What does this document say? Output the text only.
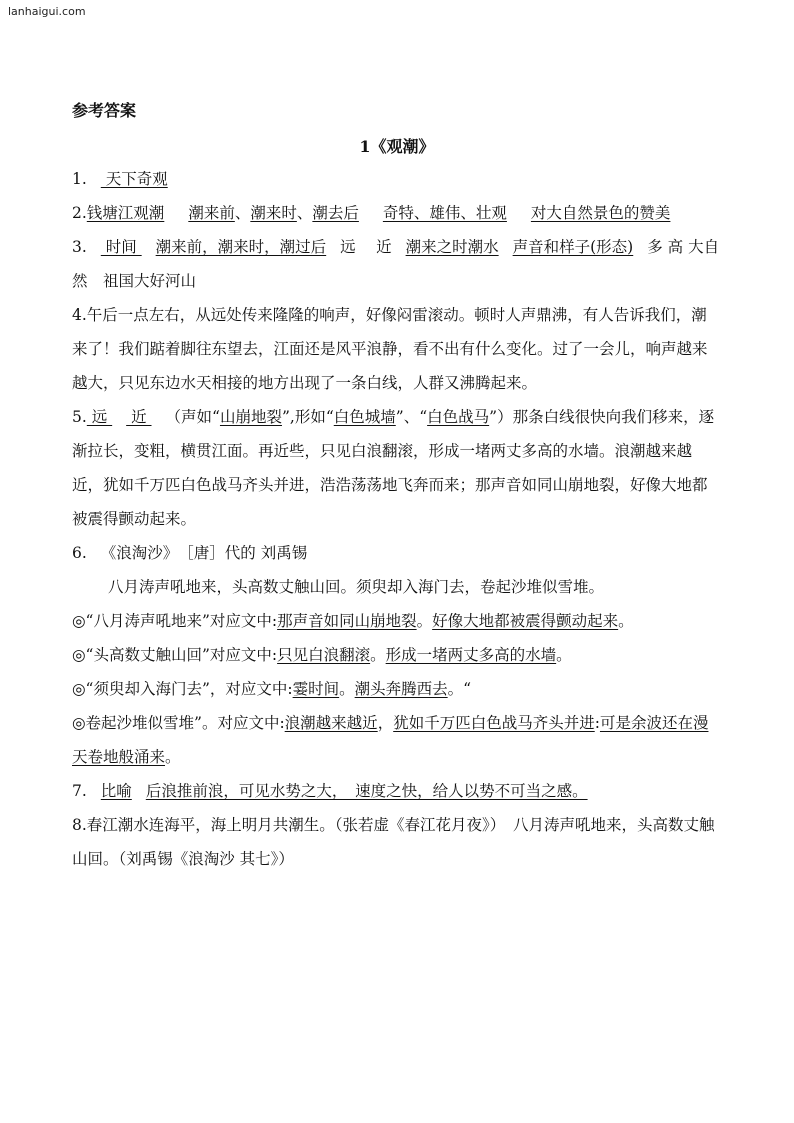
lanhaigui.com
参考答案
1《观潮》

1. 天下奇观

2.钱塘江观潮 潮来前、潮来时、潮去后 奇特、雄伟、壮观 对大自然景色的赞美

3. 时间 潮来前，潮来时，潮过后 远　 近 潮来之时潮水 声音和样子(形态) 多 高 大自然　祖国大好河山

4.午后一点左右，从远处传来隆隆的响声，好像闷雷滚动。顿时人声鼎沸，有人告诉我们，潮来了！我们踮着脚往东望去，江面还是风平浪静，看不出有什么变化。过了一会儿，响声越来越大，只见东边水天相接的地方出现了一条白线，人群又沸腾起来。

5. 远  近 （声如“山崩地裂”,形如“白色城墙”、“白色战马”）那条白线很快向我们移来，逐渐拉长，变粗，横贯江面。再近些，只见白浪翻滚，形成一堵两丈多高的水墙。浪潮越来越近，犹如千万匹白色战马齐头并进，浩浩荡荡地飞奔而来；那声音如同山崩地裂，好像大地都被震得颤动起来。

6. 《浪淘沙》　［唐］代的 刘禹锡

八月涛声吼地来，头高数丈触山回。须臾却入海门去，卷起沙堆似雪堆。

◎“八月涛声吼地来”对应文中:那声音如同山崩地裂。好像大地都被震得颤动起来。

◎“头高数丈触山回”对应文中:只见白浪翻滚。形成一堵两丈多高的水墙。

◎“须臾却入海门去”，对应文中:霎时间。潮头奔腾西去。“

◎卷起沙堆似雪堆”。对应文中:浪潮越来越近，犹如千万匹白色战马齐头并进:可是余波还在漫天卷地般涌来。

7. 比喻 后浪推前浪，可见水势之大，　速度之快，给人以势不可当之感。

8.春江潮水连海平，海上明月共潮生。（张若虚《春江花月夜》）　八月涛声吼地来，头高数丈触山回。（刘禹锡《浪淘沙 其七》）
